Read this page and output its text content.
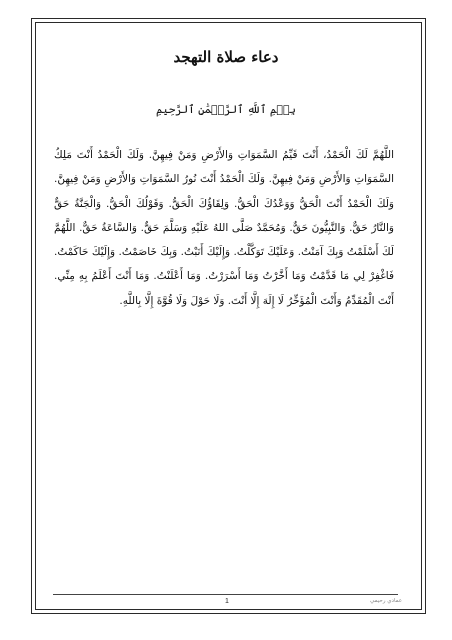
دعاء صلاة التهجد
بِسۡمِ ٱللَّهِ ٱلرَّحۡمَٰنِ ٱلرَّحِيمِ
اللَّهُمَّ لَكَ الْحَمْدُ، أَنْتَ قَيِّمُ السَّمَوَاتِ وَالأَرْضِ وَمَنْ فِيهِنَّ. وَلَكَ الْحَمْدُ أَنْتَ مَلِكُ السَّمَوَاتِ وَالأَرْضِ وَمَنْ فِيهِنَّ. وَلَكَ الْحَمْدُ أَنْتَ نُورُ السَّمَوَاتِ وَالأَرْضِ وَمَنْ فِيهِنَّ. وَلَكَ الْحَمْدُ أَنْتَ الْحَقُّ وَوَعْدُكَ الْحَقُّ. وَلِقَاؤُكَ الْحَقُّ. وَقَوْلُكَ الْحَقُّ. وَالْجَنَّةُ حَقٌّ وَالنَّارُ حَقٌّ. وَالنَّبِيُّونَ حَقٌّ. وَمُحَمَّدٌ صَلَّى اللهُ عَلَيْهِ وَسَلَّمَ حَقٌّ. وَالسَّاعَةُ حَقٌّ. اللَّهُمَّ لَكَ أَسْلَمْتُ وَبِكَ آمَنْتُ. وَعَلَيْكَ تَوَكَّلْتُ. وَإِلَيْكَ أَنَبْتُ. وَبِكَ خَاصَمْتُ. وَإِلَيْكَ حَاكَمْتُ. فَاغْفِرْ لِي مَا قَدَّمْتُ وَمَا أَخَّرْتُ وَمَا أَسْرَرْتُ. وَمَا أَعْلَنْتُ. وَمَا أَنْتَ أَعْلَمُ بِهِ مِنِّي. أَنْتَ الْمُقَدِّمُ وَأَنْتَ الْمُؤَخِّرُ لَا إِلَهَ إِلَّا أَنْتَ. وَلَا حَوْلَ وَلَا قُوَّةَ إِلَّا بِاللَّهِ.
1	عمادي رحيمي
